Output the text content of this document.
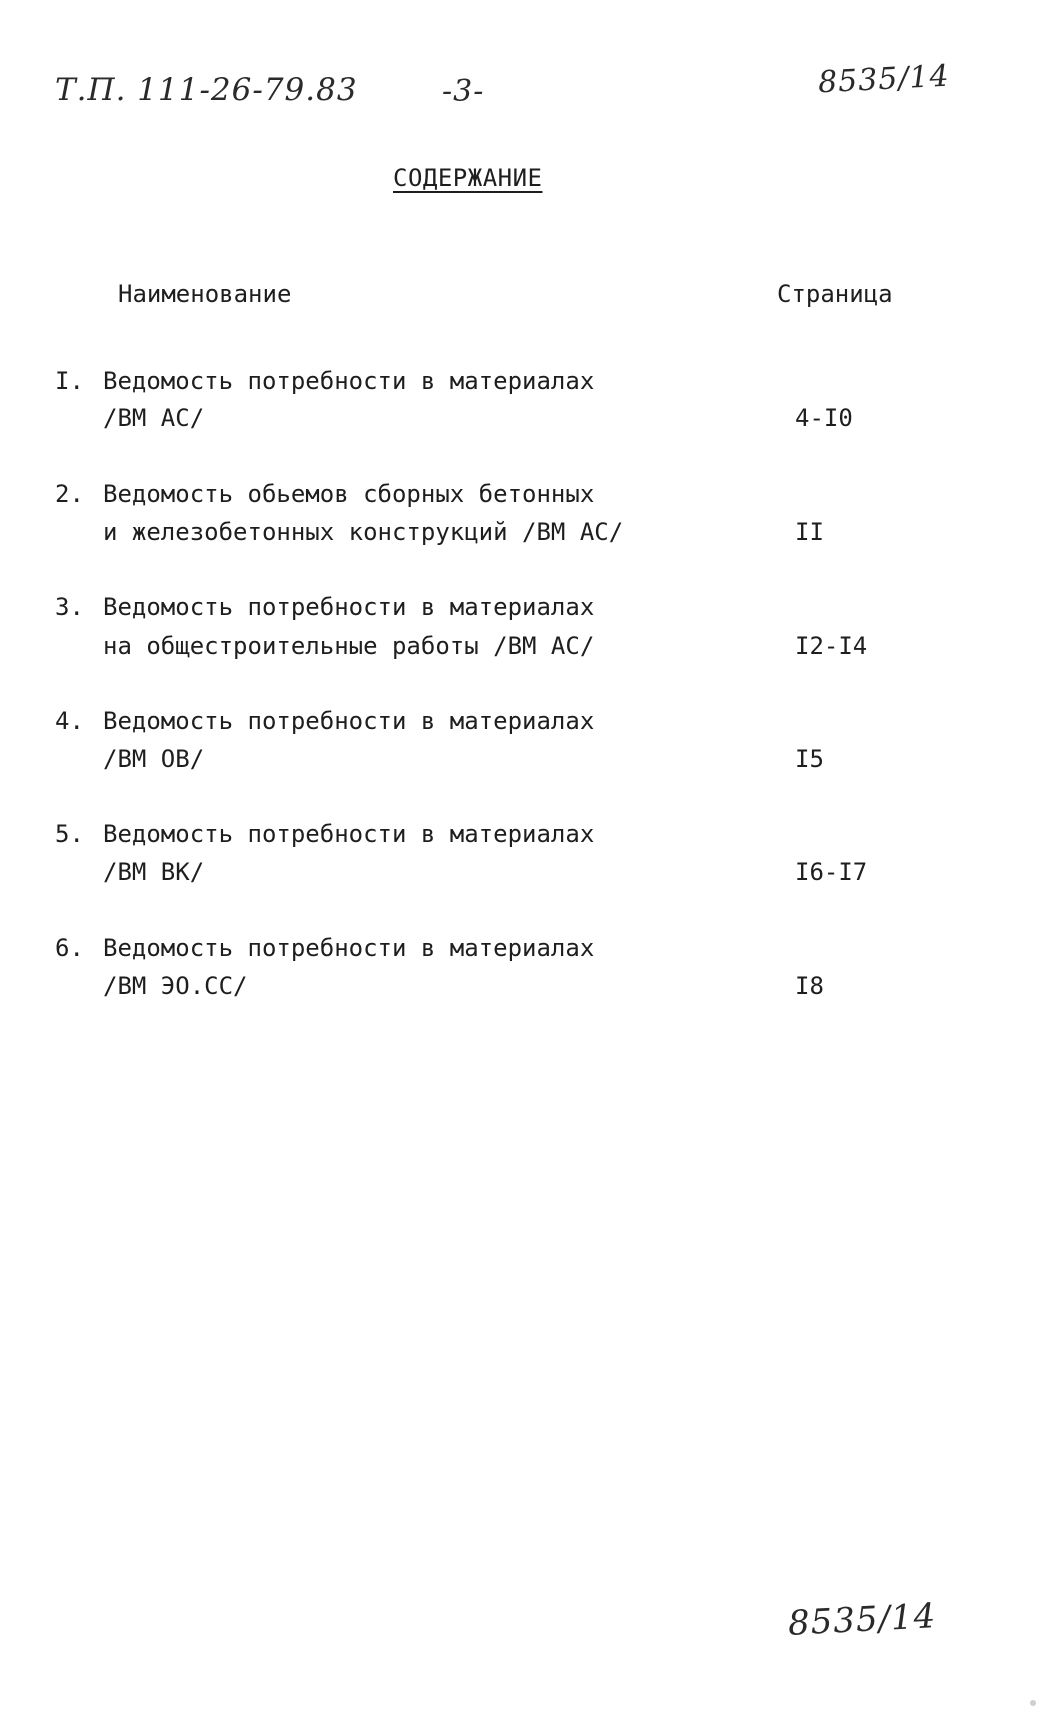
Т.П. 111-26-79.83	-3-	8535/14
СОДЕРЖАНИЕ
Наименование	Страница
I. Ведомость потребности в материалах
/ВМ АС/	4-I0
2. Ведомость обьемов сборных бетонных
и железобетонных конструкций /ВМ АС/	II
3. Ведомость потребности в материалах
на общестроительные работы /ВМ АС/	I2-I4
4. Ведомость потребности в материалах
/ВМ ОВ/	I5
5. Ведомость потребности в материалах
/ВМ ВК/	I6-I7
6. Ведомость потребности в материалах
/ВМ ЭО.СС/	I8
8535/14
